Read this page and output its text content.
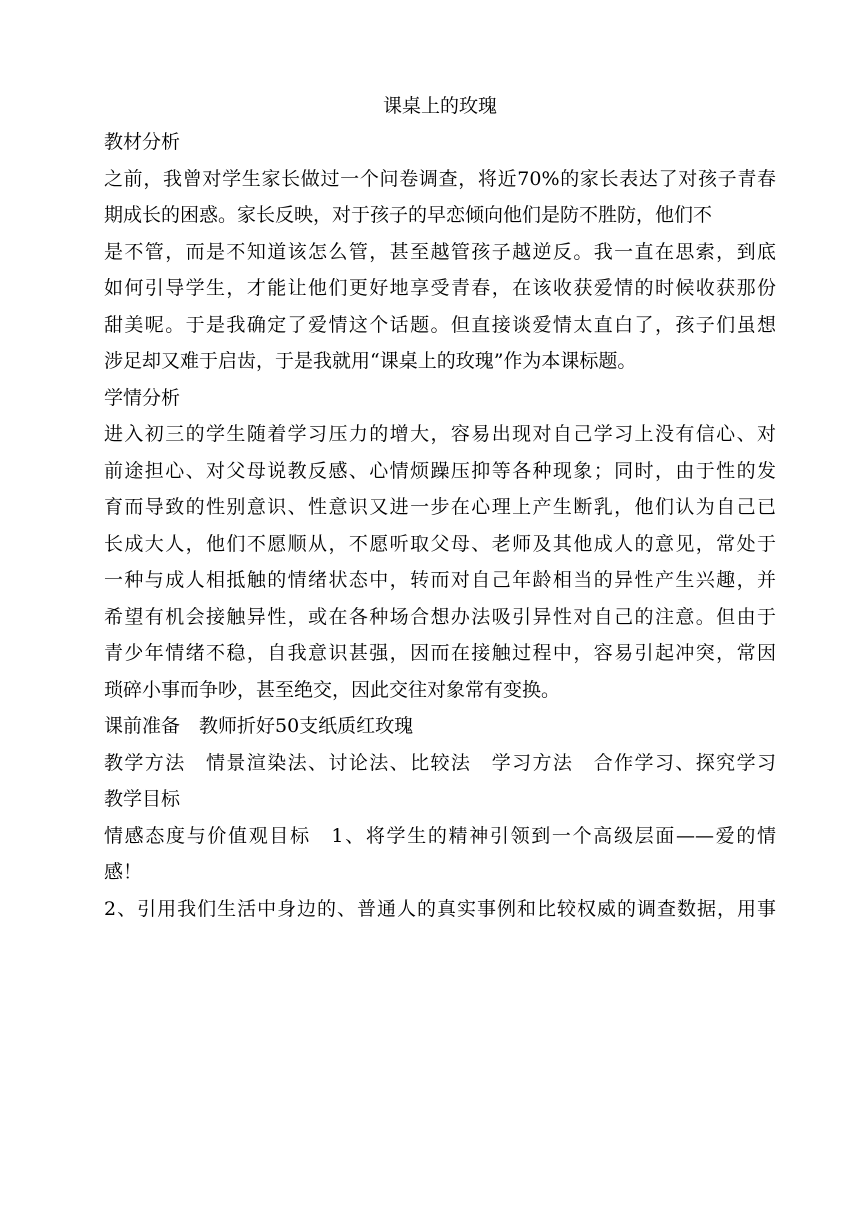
课桌上的玫瑰

教材分析

之前，我曾对学生家长做过一个问卷调查，将近70%的家长表达了对孩子青春

期成长的困惑。家长反映，对于孩子的早恋倾向他们是防不胜防，他们不

是不管，而是不知道该怎么管，甚至越管孩子越逆反。我一直在思索，到底

如何引导学生，才能让他们更好地享受青春，在该收获爱情的时候收获那份

甜美呢。于是我确定了爱情这个话题。但直接谈爱情太直白了，孩子们虽想

涉足却又难于启齿，于是我就用“课桌上的玫瑰”作为本课标题。

学情分析

进入初三的学生随着学习压力的增大，容易出现对自己学习上没有信心、对

前途担心、对父母说教反感、心情烦躁压抑等各种现象；同时，由于性的发

育而导致的性别意识、性意识又进一步在心理上产生断乳，他们认为自己已

长成大人，他们不愿顺从，不愿听取父母、老师及其他成人的意见，常处于

一种与成人相抵触的情绪状态中，转而对自己年龄相当的异性产生兴趣，并

希望有机会接触异性，或在各种场合想办法吸引异性对自己的注意。但由于

青少年情绪不稳，自我意识甚强，因而在接触过程中，容易引起冲突，常因

琐碎小事而争吵，甚至绝交，因此交往对象常有变换。

课前准备　教师折好50支纸质红玫瑰

教学方法　情景渲染法、讨论法、比较法　学习方法　合作学习、探究学习

教学目标

情感态度与价值观目标　1、将学生的精神引领到一个高级层面——爱的情

感！

2、引用我们生活中身边的、普通人的真实事例和比较权威的调查数据，用事
